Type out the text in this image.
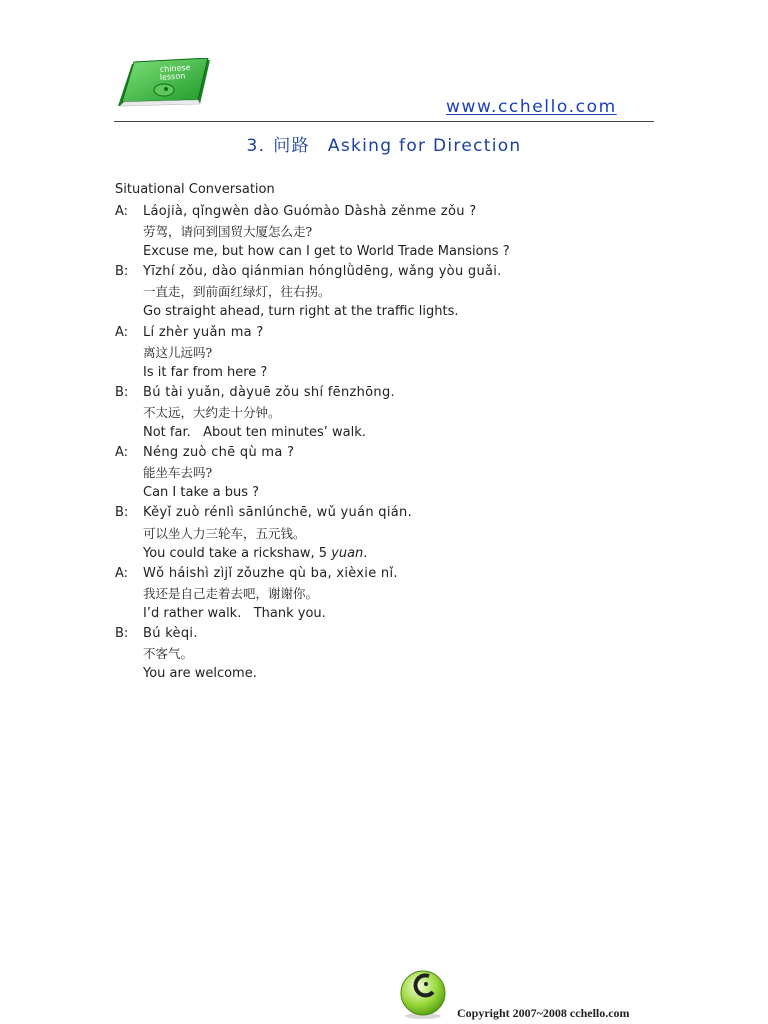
chinese
lesson
www.cchello.com
3. 问路 Asking for Direction
Situational Conversation
A:	Láojià, qǐngwèn dào Guómào Dàshà zěnme zǒu ?
劳驾，请问到国贸大厦怎么走?
Excuse me, but how can I get to World Trade Mansions ?
B:	Yīzhí zǒu, dào qiánmian hónglǜdēng, wǎng yòu guǎi.
一直走，到前面红绿灯，往右拐。
Go straight ahead, turn right at the traffic lights.
A:	Lí zhèr yuǎn ma ?
离这儿远吗?
Is it far from here ?
B:	Bú tài yuǎn, dàyuē zǒu shí fēnzhōng.
不太远，大约走十分钟。
Not far.   About ten minutes’ walk.
A:	Néng zuò chē qù ma ?
能坐车去吗?
Can I take a bus ?
B:	Kěyǐ zuò rénlì sānlúnchē, wǔ yuán qián.
可以坐人力三轮车，五元钱。
You could take a rickshaw, 5 yuan.
A:	Wǒ háishì zìjǐ zǒuzhe qù ba, xièxie nǐ.
我还是自己走着去吧，谢谢你。
I’d rather walk.   Thank you.
B:	Bú kèqi.
不客气。
You are welcome.
Copyright 2007~2008 cchello.com
